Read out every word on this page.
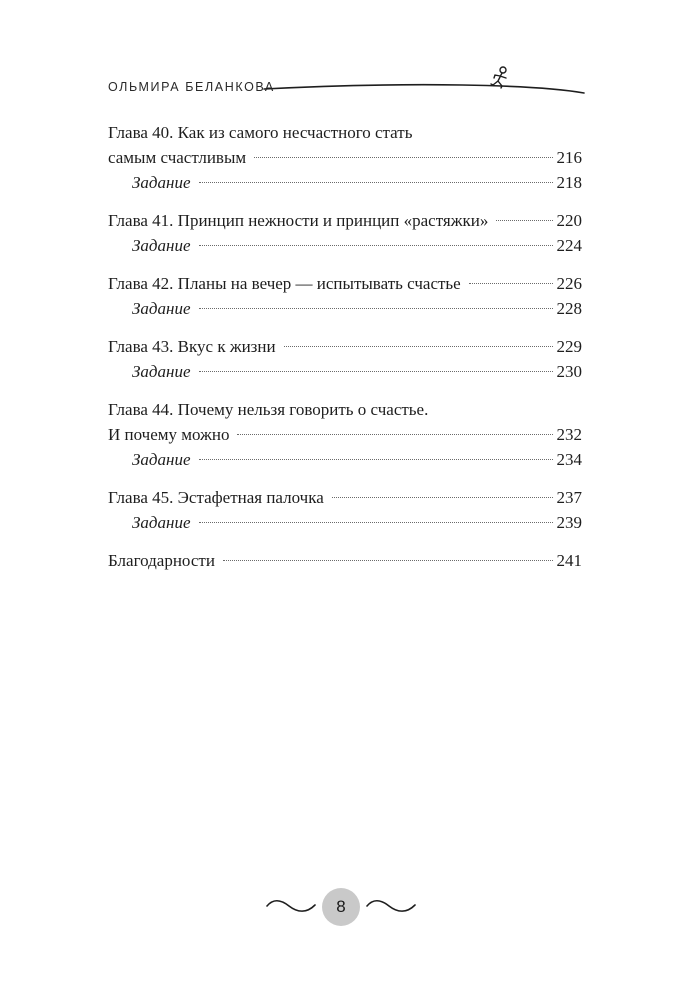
ОЛЬМИРА БЕЛАНКОВА
Глава 40. Как из самого несчастного стать
самым счастливым	216
Задание	218
Глава 41. Принцип нежности и принцип «растяжки»	220
Задание	224
Глава 42. Планы на вечер — испытывать счастье	226
Задание	228
Глава 43. Вкус к жизни	229
Задание	230
Глава 44. Почему нельзя говорить о счастье.
И почему можно	232
Задание	234
Глава 45. Эстафетная палочка	237
Задание	239
Благодарности	241
8
